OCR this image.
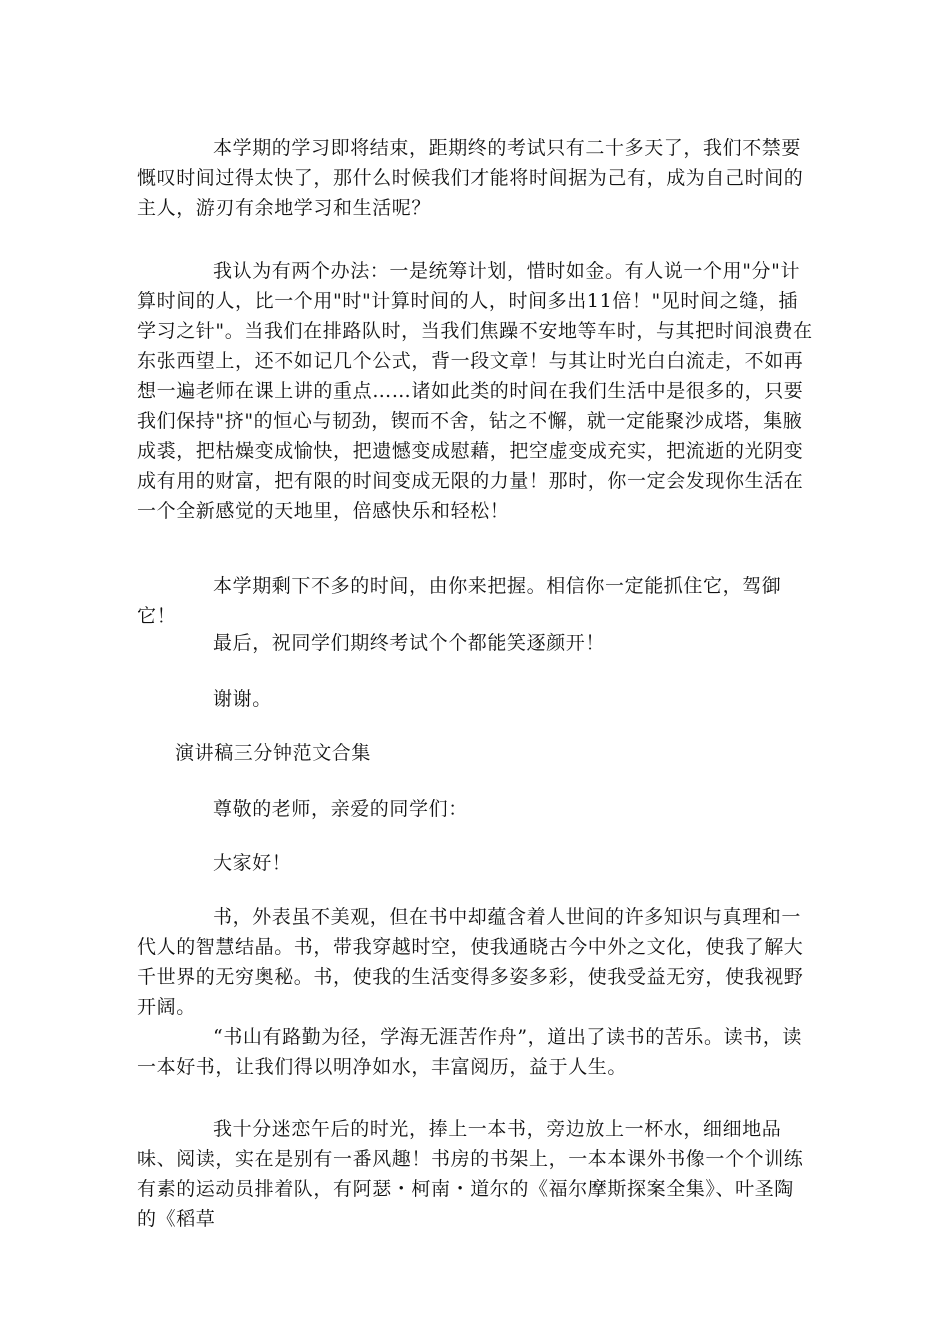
本学期的学习即将结束，距期终的考试只有二十多天了，我们不禁要慨叹时间过得太快了，那什么时候我们才能将时间据为己有，成为自己时间的主人，游刃有余地学习和生活呢？

我认为有两个办法：一是统筹计划，惜时如金。有人说一个用"分"计算时间的人，比一个用"时"计算时间的人，时间多出11倍！"见时间之缝，插学习之针"。当我们在排路队时，当我们焦躁不安地等车时，与其把时间浪费在东张西望上，还不如记几个公式，背一段文章！与其让时光白白流走，不如再想一遍老师在课上讲的重点……诸如此类的时间在我们生活中是很多的，只要我们保持"挤"的恒心与韧劲，锲而不舍，钻之不懈，就一定能聚沙成塔，集腋成裘，把枯燥变成愉快，把遗憾变成慰藉，把空虚变成充实，把流逝的光阴变成有用的财富，把有限的时间变成无限的力量！那时，你一定会发现你生活在一个全新感觉的天地里，倍感快乐和轻松！

本学期剩下不多的时间，由你来把握。相信你一定能抓住它，驾御它！

最后，祝同学们期终考试个个都能笑逐颜开！

谢谢。

演讲稿三分钟范文合集

尊敬的老师，亲爱的同学们：

大家好！

书，外表虽不美观，但在书中却蕴含着人世间的许多知识与真理和一代人的智慧结晶。书，带我穿越时空，使我通晓古今中外之文化，使我了解大千世界的无穷奥秘。书，使我的生活变得多姿多彩，使我受益无穷，使我视野开阔。

“书山有路勤为径，学海无涯苦作舟”，道出了读书的苦乐。读书，读一本好书，让我们得以明净如水，丰富阅历，益于人生。

我十分迷恋午后的时光，捧上一本书，旁边放上一杯水，细细地品味、阅读，实在是别有一番风趣！书房的书架上，一本本课外书像一个个训练有素的运动员排着队，有阿瑟・柯南・道尔的《福尔摩斯探案全集》、叶圣陶的《稻草
